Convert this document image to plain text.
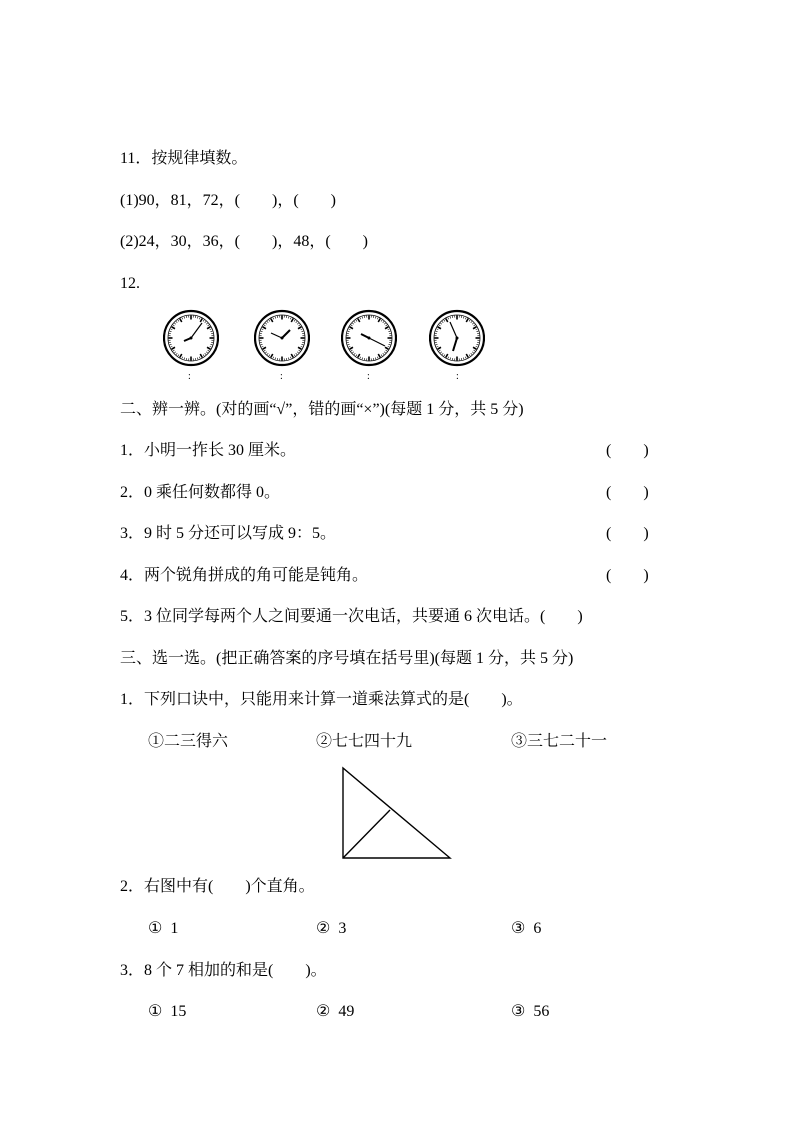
11．按规律填数。
(1)90，81，72，(　　)，(　　)
(2)24，30，36，(　　)，48，(　　)
12.
:	:	:	:
二、辨一辨。(对的画“√”，错的画“×”)(每题 1 分，共 5 分)
1．小明一拃长 30 厘米。	(　　)
2．0 乘任何数都得 0。	(　　)
3．9 时 5 分还可以写成 9：5。	(　　)
4．两个锐角拼成的角可能是钝角。	(　　)
5．3 位同学每两个人之间要通一次电话，共要通 6 次电话。(　　)
三、选一选。(把正确答案的序号填在括号里)(每题 1 分，共 5 分)
1．下列口诀中，只能用来计算一道乘法算式的是(　　)。
①二三得六	②七七四十九	③三七二十一
2．右图中有(　　)个直角。
①  1	②  3	③  6
3．8 个 7 相加的和是(　　)。
①  15	②  49	③  56
